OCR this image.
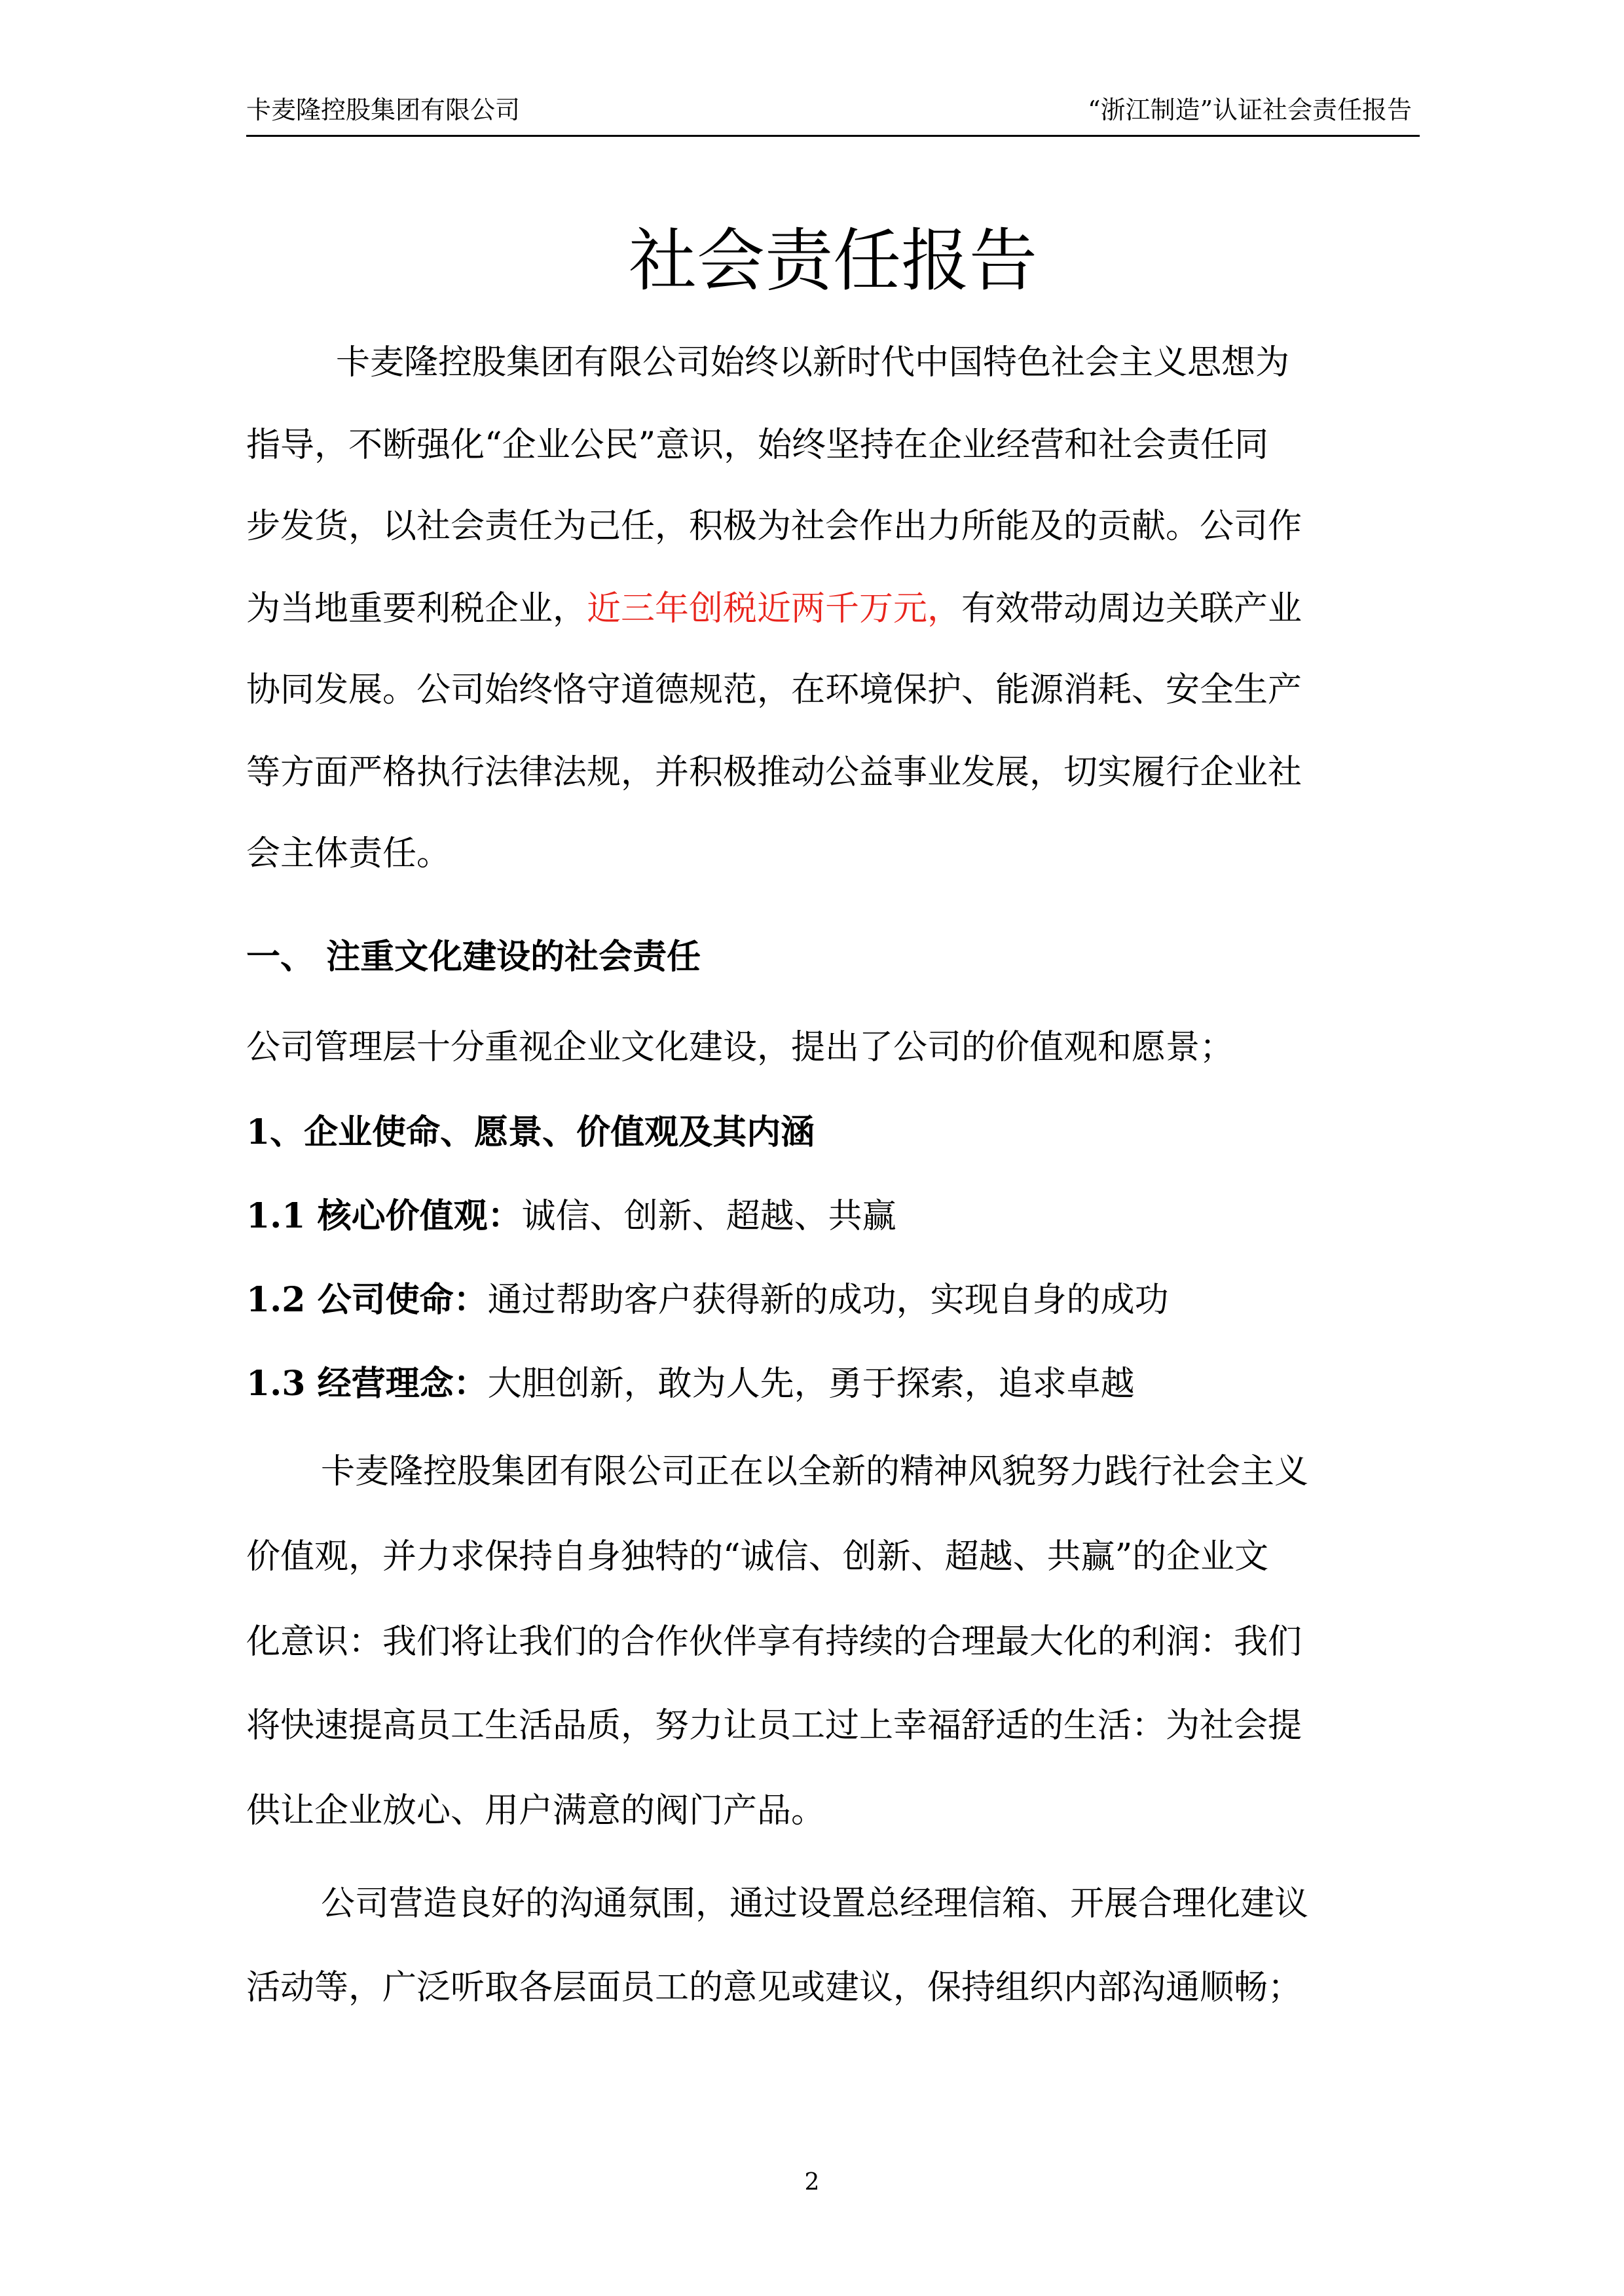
卡麦隆控股集团有限公司	“浙江制造”认证社会责任报告
社会责任报告
卡麦隆控股集团有限公司始终以新时代中国特色社会主义思想为
指导，不断强化“企业公民”意识，始终坚持在企业经营和社会责任同
步发货，以社会责任为己任，积极为社会作出力所能及的贡献。公司作
为当地重要利税企业，近三年创税近两千万元，有效带动周边关联产业
协同发展。公司始终恪守道德规范，在环境保护、能源消耗、安全生产
等方面严格执行法律法规，并积极推动公益事业发展，切实履行企业社
会主体责任。
一、 注重文化建设的社会责任
公司管理层十分重视企业文化建设，提出了公司的价值观和愿景；
1、企业使命、愿景、价值观及其内涵
1.1 核心价值观：诚信、创新、超越、共赢
1.2 公司使命：通过帮助客户获得新的成功，实现自身的成功
1.3 经营理念：大胆创新，敢为人先，勇于探索，追求卓越
卡麦隆控股集团有限公司正在以全新的精神风貌努力践行社会主义
价值观，并力求保持自身独特的“诚信、创新、超越、共赢”的企业文
化意识：我们将让我们的合作伙伴享有持续的合理最大化的利润：我们
将快速提高员工生活品质，努力让员工过上幸福舒适的生活：为社会提
供让企业放心、用户满意的阀门产品。
公司营造良好的沟通氛围，通过设置总经理信箱、开展合理化建议
活动等，广泛听取各层面员工的意见或建议，保持组织内部沟通顺畅；
2
